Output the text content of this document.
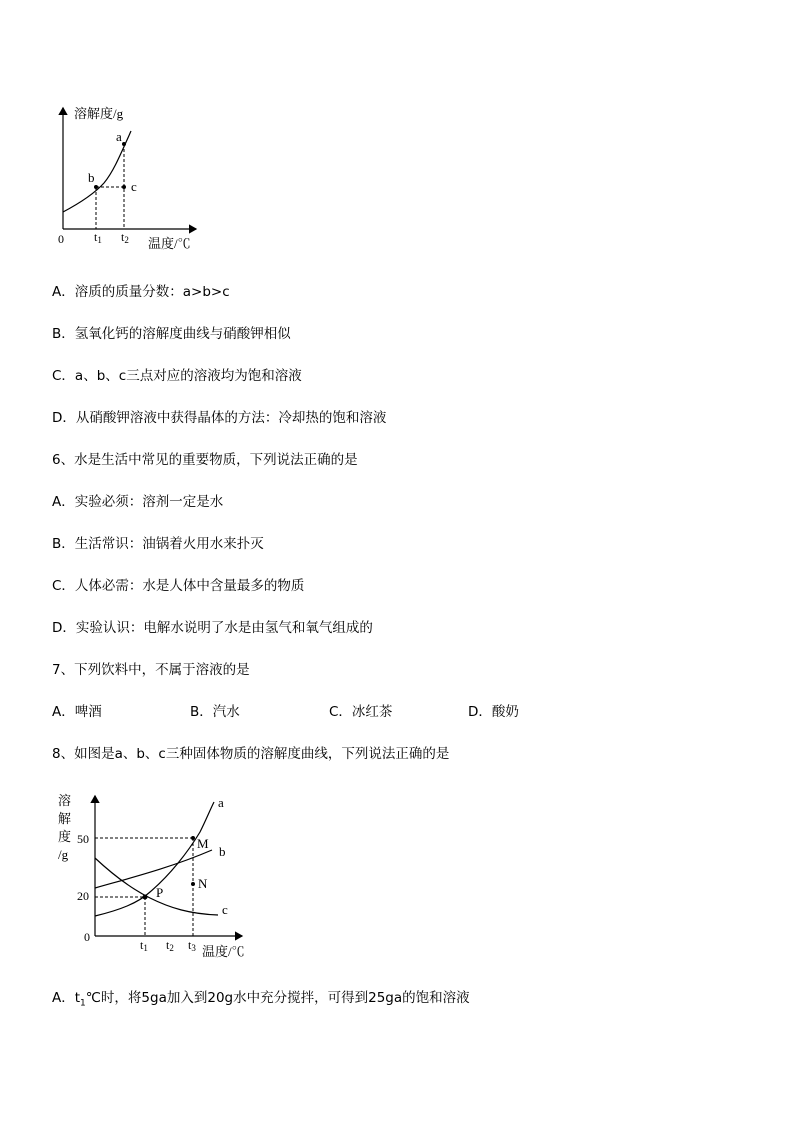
溶解度/g
a
b
c
0	t1 t2 温度/℃
A．溶质的质量分数：a>b>c
B．氢氧化钙的溶解度曲线与硝酸钾相似
C．a、b、c三点对应的溶液均为饱和溶液
D．从硝酸钾溶液中获得晶体的方法：冷却热的饱和溶液
6、水是生活中常见的重要物质，下列说法正确的是
A．实验必须：溶剂一定是水
B．生活常识：油锅着火用水来扑灭
C．人体必需：水是人体中含量最多的物质
D．实验认识：电解水说明了水是由氢气和氧气组成的
7、下列饮料中，不属于溶液的是
A．啤酒	B．汽水	C．冰红茶	D．酸奶
8、如图是a、b、c三种固体物质的溶解度曲线，下列说法正确的是
溶
解
度
/g
50
20
0
a
b
c
M
N
P
t1 t2 t3 温度/℃
A．$t_1℃$时，将5ga加入到20g水中充分搅拌，可得到25ga的饱和溶液
